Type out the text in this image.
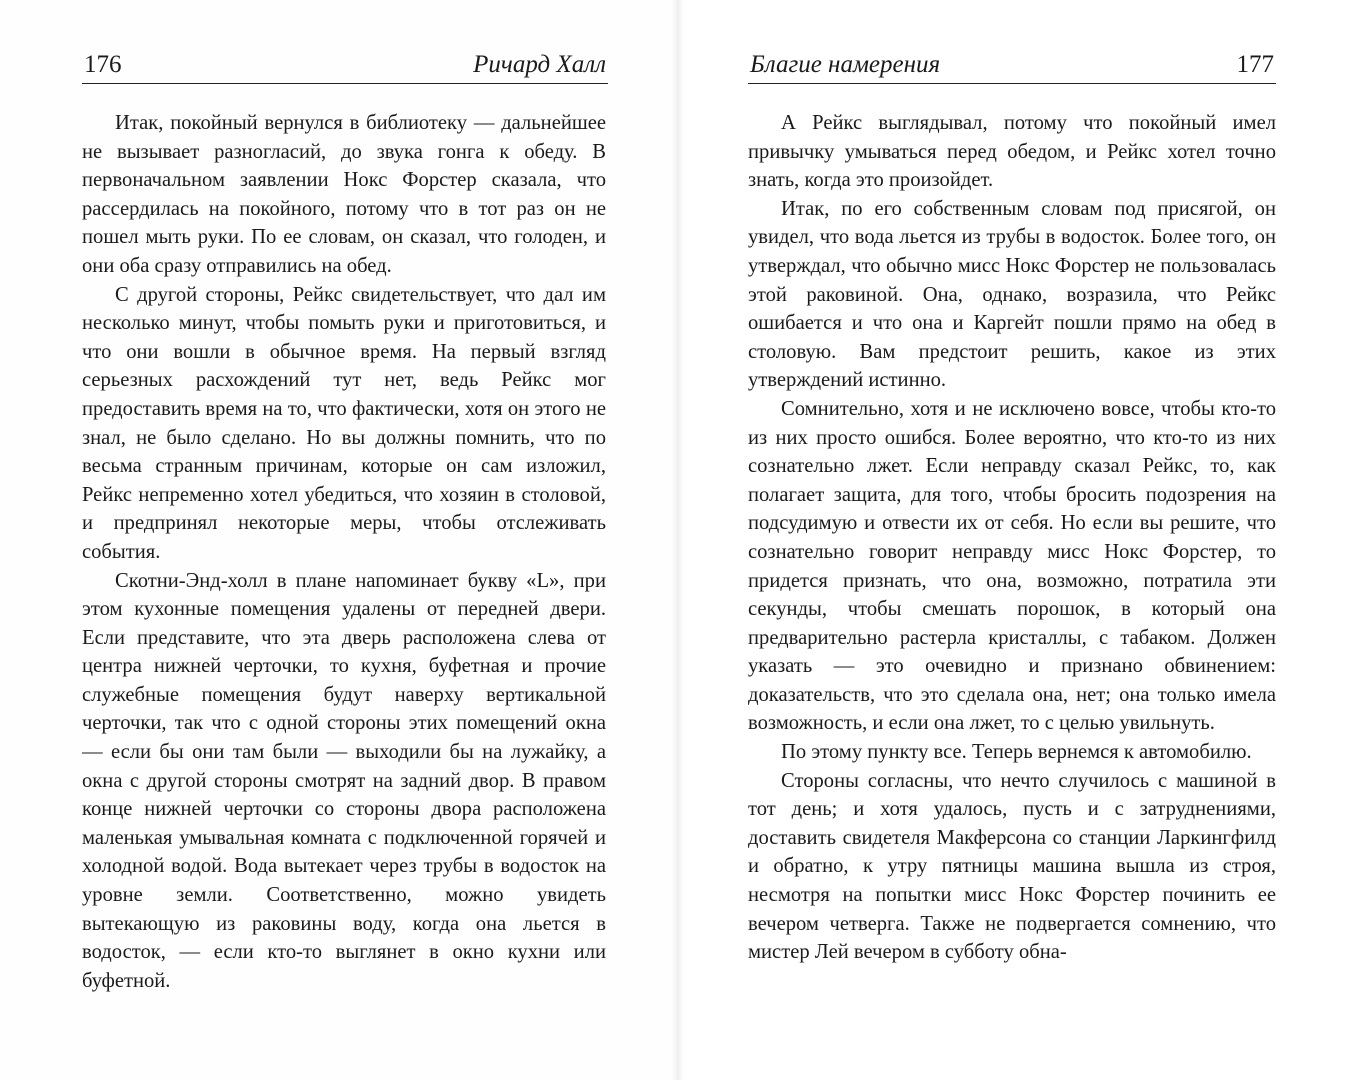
176	Ричард Халл

Итак, покойный вернулся в библиотеку — дальнейшее не вызывает разногласий, до звука гонга к обеду. В первоначальном заявлении Нокс Форстер сказала, что рассердилась на покойного, потому что в тот раз он не пошел мыть руки. По ее словам, он сказал, что голоден, и они оба сразу отправились на обед.

С другой стороны, Рейкс свидетельствует, что дал им несколько минут, чтобы помыть руки и приготовиться, и что они вошли в обычное время. На первый взгляд серьезных расхождений тут нет, ведь Рейкс мог предоставить время на то, что фактически, хотя он этого не знал, не было сделано. Но вы должны помнить, что по весьма странным причинам, которые он сам изложил, Рейкс непременно хотел убедиться, что хозяин в столовой, и предпринял некоторые меры, чтобы отслеживать события.

Скотни-Энд-холл в плане напоминает букву «L», при этом кухонные помещения удалены от передней двери. Если представите, что эта дверь расположена слева от центра нижней черточки, то кухня, буфетная и прочие служебные помещения будут наверху вертикальной черточки, так что с одной стороны этих помещений окна — если бы они там были — выходили бы на лужайку, а окна с другой стороны смотрят на задний двор. В правом конце нижней черточки со стороны двора расположена маленькая умывальная комната с подключенной горячей и холодной водой. Вода вытекает через трубы в водосток на уровне земли. Соответственно, можно увидеть вытекающую из раковины воду, когда она льется в водосток, — если кто-то выглянет в окно кухни или буфетной.

Благие намерения	177

А Рейкс выглядывал, потому что покойный имел привычку умываться перед обедом, и Рейкс хотел точно знать, когда это произойдет.

Итак, по его собственным словам под присягой, он увидел, что вода льется из трубы в водосток. Более того, он утверждал, что обычно мисс Нокс Форстер не пользовалась этой раковиной. Она, однако, возразила, что Рейкс ошибается и что она и Каргейт пошли прямо на обед в столовую. Вам предстоит решить, какое из этих утверждений истинно.

Сомнительно, хотя и не исключено вовсе, чтобы кто-то из них просто ошибся. Более вероятно, что кто-то из них сознательно лжет. Если неправду сказал Рейкс, то, как полагает защита, для того, чтобы бросить подозрения на подсудимую и отвести их от себя. Но если вы решите, что сознательно говорит неправду мисс Нокс Форстер, то придется признать, что она, возможно, потратила эти секунды, чтобы смешать порошок, в который она предварительно растерла кристаллы, с табаком. Должен указать — это очевидно и признано обвинением: доказательств, что это сделала она, нет; она только имела возможность, и если она лжет, то с целью увильнуть.

По этому пункту все. Теперь вернемся к автомобилю.

Стороны согласны, что нечто случилось с машиной в тот день; и хотя удалось, пусть и с затруднениями, доставить свидетеля Макферсона со станции Ларкингфилд и обратно, к утру пятницы машина вышла из строя, несмотря на попытки мисс Нокс Форстер починить ее вечером четверга. Также не подвергается сомнению, что мистер Лей вечером в субботу обна-
